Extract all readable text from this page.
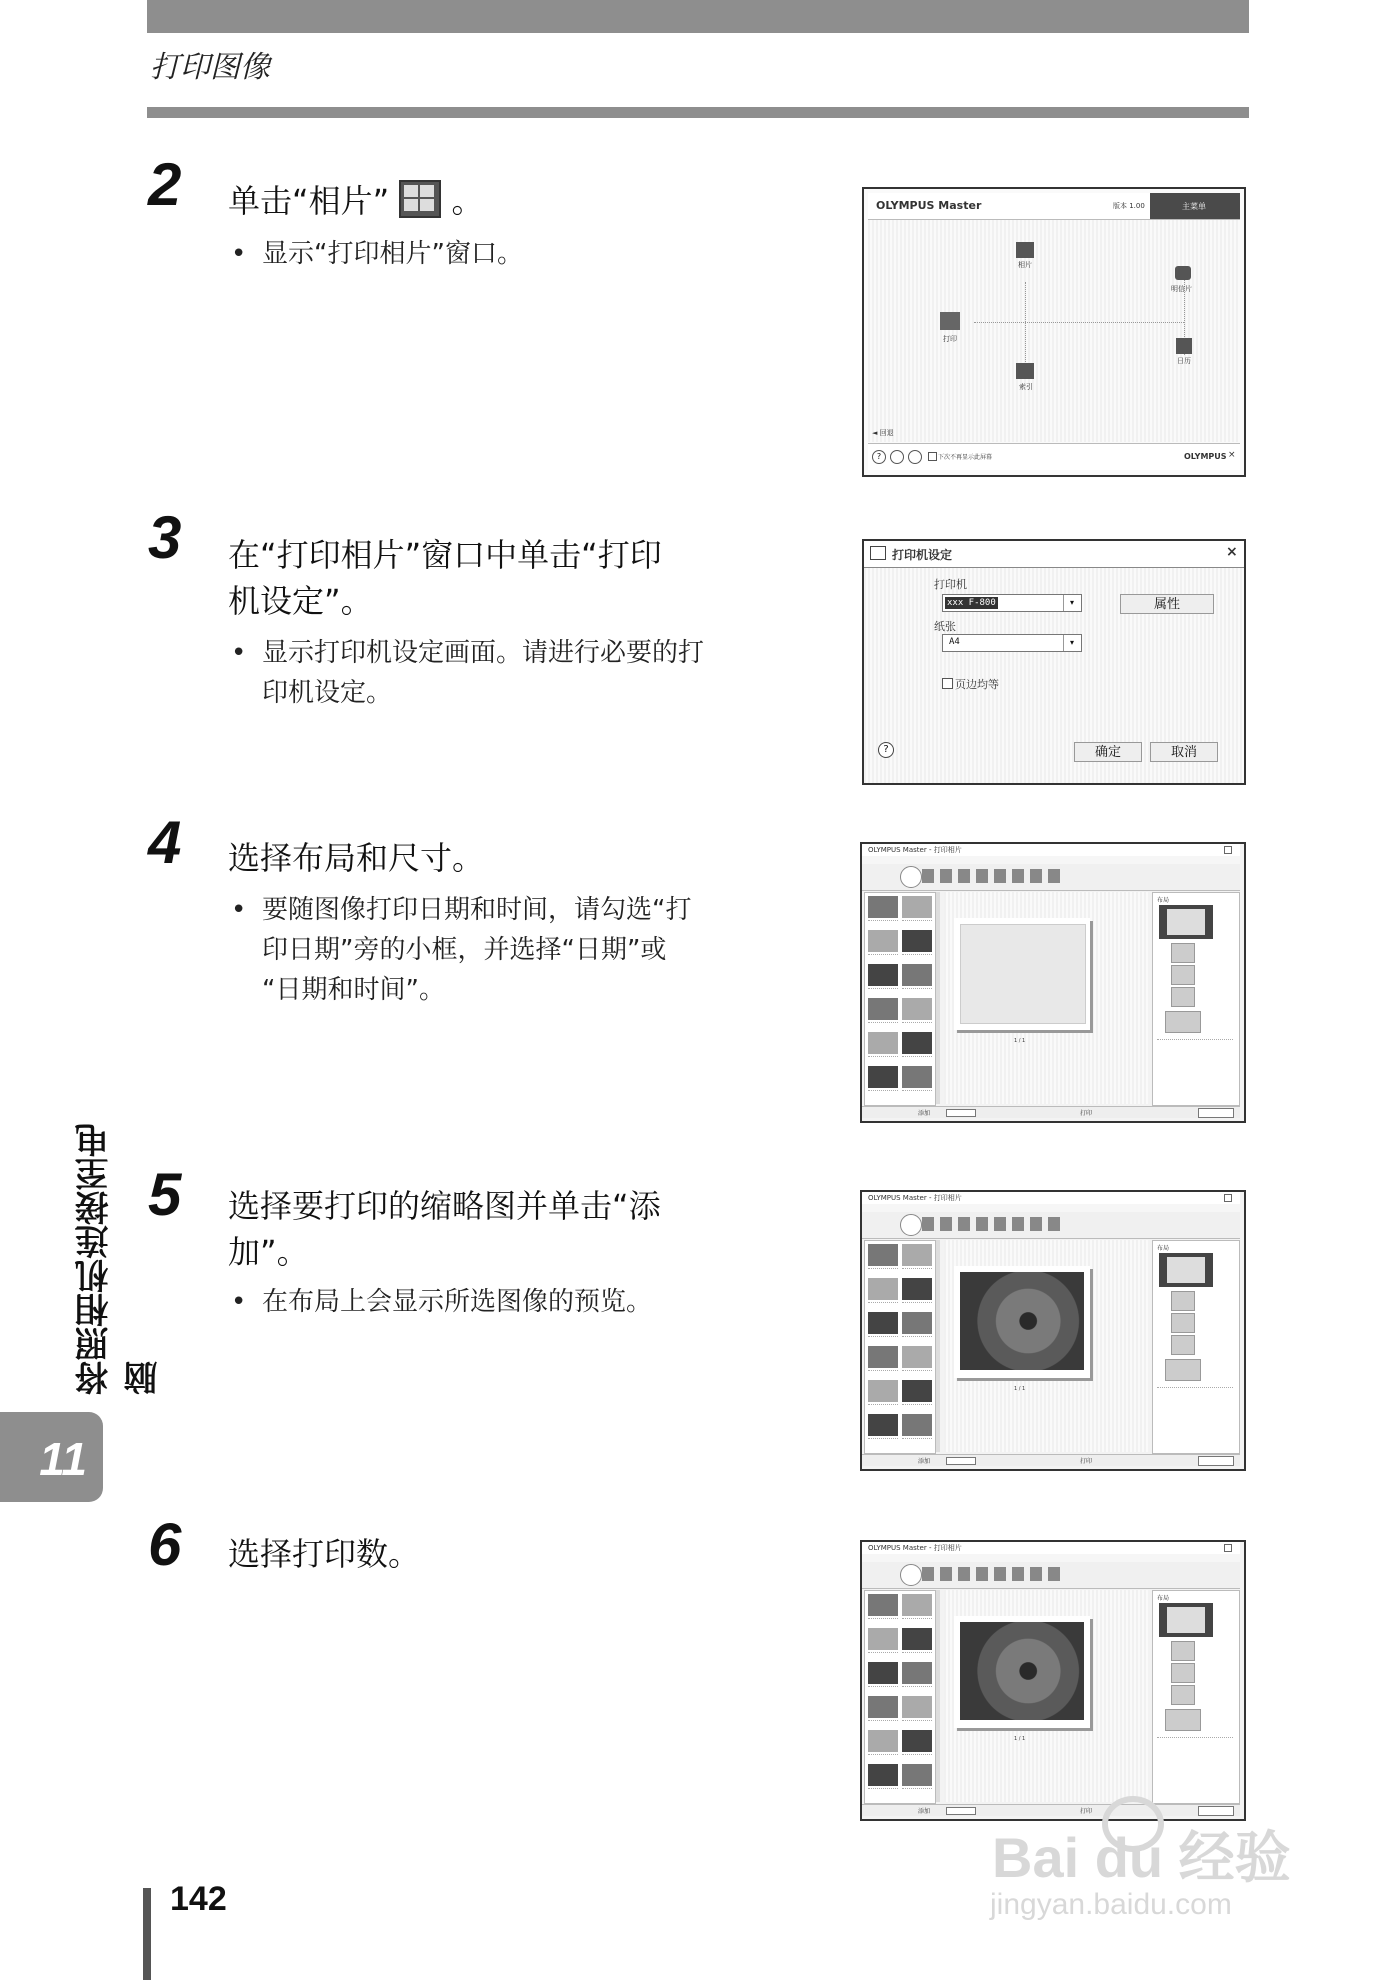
打印图像
2 单击“相片” 。
• 显示“打印相片”窗口。
OLYMPUS Master	版本 1.00	主菜单
相片
明信片
打印
日历
索引
◄ 回退
?	下次不再显示此屏幕	OLYMPUS ×
3 在“打印相片”窗口中单击“打印
机设定”。
• 显示打印机设定画面。请进行必要的打
印机设定。
打印机设定	×
打印机
xxx F-800	▾	属性
纸张
A4	▾
页边均等
?	确定	取消
4 选择布局和尺寸。
• 要随图像打印日期和时间，请勾选“打
印日期”旁的小框，并选择“日期”或
“日期和时间”。
OLYMPUS Master - 打印相片
1 / 1
布局
添加	打印
5 选择要打印的缩略图并单击“添
加”。
• 在布局上会显示所选图像的预览。
OLYMPUS Master - 打印相片
1 / 1
布局
添加	打印
6 选择打印数。	OLYMPUS Master - 打印相片
1 / 1
布局
添加	打印
将照相机连接至电脑
11
142
Bai du 经验
jingyan.baidu.com
